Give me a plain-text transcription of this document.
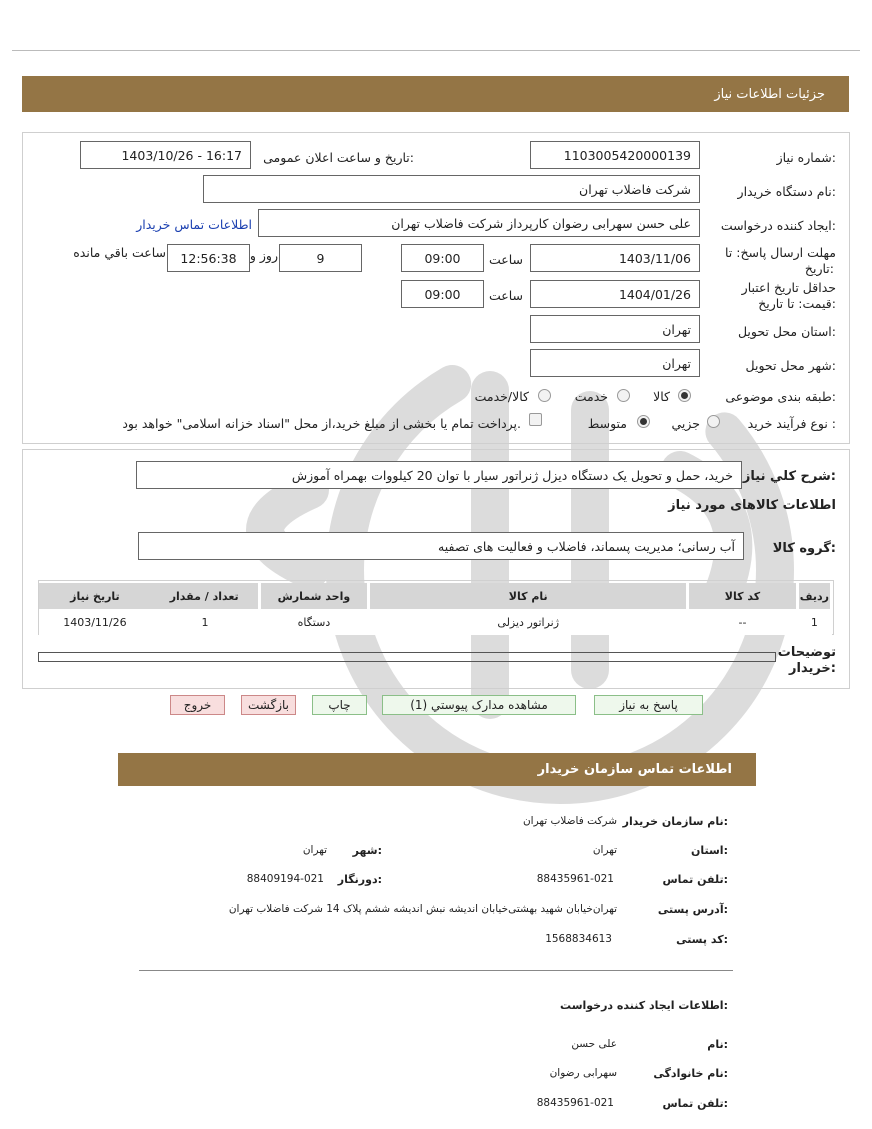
جزئیات اطلاعات نیاز
شماره نیاز:
1103005420000139
تاریخ و ساعت اعلان عمومی:
1403/10/26 - 16:17
نام دستگاه خریدار:
شرکت فاضلاب تهران
ایجاد کننده درخواست:
علی حسن سهرابی رضوان کارپرداز شرکت فاضلاب تهران
اطلاعات تماس خریدار
مهلت ارسال پاسخ: تا
تاریخ:
1403/11/06
ساعت
09:00
9
روز و
12:56:38
ساعت باقي مانده
حداقل تاریخ اعتبار
قیمت: تا تاریخ:
1404/01/26
ساعت
09:00
استان محل تحویل:
تهران
شهر محل تحویل:
تهران
طبقه بندی موضوعی:
کالا
خدمت
کالا/خدمت
نوع فرآیند خرید :
جزیي
متوسط
پرداخت تمام یا بخشی از مبلغ خرید،از محل "اسناد خزانه اسلامی" خواهد بود.
شرح کلي نياز:
خرید، حمل و تحویل یک دستگاه دیزل ژنراتور سیار با توان 20 کیلووات بهمراه آموزش
اطلاعات کالاهای مورد نیاز
گروه کالا:
آب رسانی؛ مدیریت پسماند، فاضلاب و فعالیت های تصفیه
ردیف	کد کالا	نام کالا	واحد شمارش	تعداد / مقدار	تاریخ نیاز
1	--	ژنراتور دیزلی	دستگاه	1	1403/11/26
توضیحات
خریدار:
پاسخ به نیاز
مشاهده مدارک پیوستي (1)
چاپ
بازگشت
خروج
اطلاعات تماس سازمان خریدار
نام سازمان خریدار:
شرکت فاضلاب تهران
استان:
تهران
شهر:
تهران
تلفن تماس:
88435961-021
دورنگار:
88409194-021
آدرس پستی:
تهران‌خیابان شهید بهشتی‌خیابان اندیشه نبش اندیشه ششم پلاک 14 شرکت فاضلاب تهران
کد پستی:
1568834613
اطلاعات ایجاد کننده درخواست:
نام:
علی حسن
نام خانوادگی:
سهرابی رضوان
تلفن تماس:
88435961-021
